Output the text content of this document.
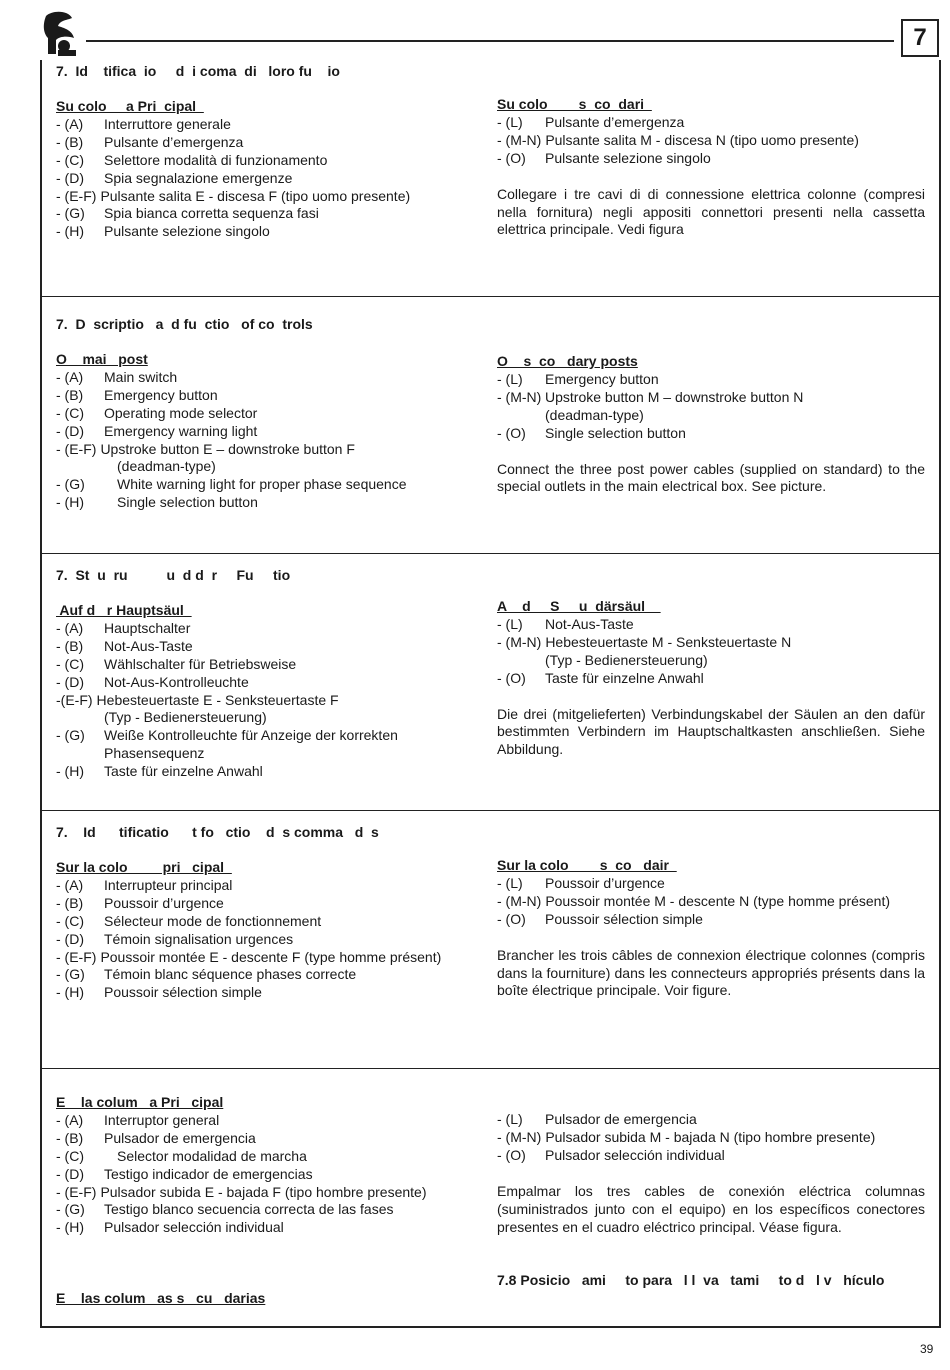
7
7.  Id    tifica  io     d  i coma  di   loro fu    io
Su colo     a Pri  cipal
- (A)	Interruttore generale
- (B)	Pulsante d’emergenza
- (C)	Selettore modalità di funzionamento
- (D)	Spia segnalazione emergenze
- (E-F) Pulsante salita E - discesa F (tipo uomo presente)
- (G)	Spia bianca corretta sequenza fasi
- (H)	Pulsante selezione singolo
Su colo        s  co  dari
- (L)	Pulsante d’emergenza
- (M-N) Pulsante salita M - discesa N (tipo uomo presente)
- (O)	Pulsante selezione singolo
Collegare i tre cavi di di connessione elettrica colonne (compresi nella fornitura) negli appositi connettori presenti nella cassetta elettrica principale. Vedi figura
7.  D  scriptio   a  d fu  ctio   of co  trols
O    mai   post
- (A)	Main switch
- (B)	Emergency button
- (C)	Operating mode selector
- (D)	Emergency warning light
- (E-F) Upstroke button E – downstroke button F
(deadman-type)
- (G)	White warning light for proper phase sequence
- (H)	Single selection button
O    s  co   dary posts
- (L)	Emergency button
- (M-N) Upstroke button M – downstroke button N
(deadman-type)
- (O)	Single selection button
Connect the three post power cables (supplied on standard) to the special outlets in the main electrical box. See picture.
7.  St  u  ru          u  d d  r     Fu     tio
Auf d   r Hauptsäul
- (A)	Hauptschalter
- (B)	Not-Aus-Taste
- (C)	Wählschalter für Betriebsweise
- (D)	Not-Aus-Kontrolleuchte
-(E-F) Hebesteuertaste E - Senksteuertaste F
(Typ - Bedienersteuerung)
- (G)	Weiße Kontrolleuchte für Anzeige der korrekten
Phasensequenz
- (H)	Taste für einzelne Anwahl
A    d     S     u  därsäul
- (L)	Not-Aus-Taste
- (M-N) Hebesteuertaste M - Senksteuertaste N
(Typ - Bedienersteuerung)
- (O)	Taste für einzelne Anwahl
Die drei (mitgelieferten) Verbindungskabel der Säulen an den dafür bestimmten Verbindern im Hauptschaltkasten anschließen. Siehe Abbildung.
7.    Id      tificatio      t fo   ctio    d  s comma   d  s
Sur la colo         pri   cipal
- (A)	Interrupteur principal
- (B)	Poussoir d’urgence
- (C)	Sélecteur mode de fonctionnement
- (D)	Témoin signalisation urgences
- (E-F) Poussoir montée E - descente F (type homme présent)
- (G)	Témoin blanc séquence phases correcte
- (H)	Poussoir sélection simple
Sur la colo        s  co   dair
- (L)	Poussoir d’urgence
- (M-N) Poussoir montée M - descente N (type homme présent)
- (O)	Poussoir sélection simple
Brancher les trois câbles de connexion électrique colonnes (compris dans la fourniture) dans les connecteurs appropriés présents dans la boîte électrique principale. Voir figure.
E    la colum   a Pri   cipal
- (A)	Interruptor general
- (B)	Pulsador de emergencia
- (C)	Selector modalidad de marcha
- (D)	Testigo indicador de emergencias
- (E-F) Pulsador subida E - bajada F (tipo hombre presente)
- (G)	Testigo blanco secuencia correcta de las fases
- (H)	Pulsador selección individual
E    las colum   as s   cu   darias
- (L)	Pulsador de emergencia
- (M-N) Pulsador subida M - bajada N (tipo hombre presente)
- (O)	Pulsador selección individual
Empalmar los tres cables de conexión eléctrica columnas (suministrados junto con el equipo) en los específicos conectores presentes en el cuadro eléctrico principal. Véase figura.
7.8 Posicio   ami     to para   l l  va   tami     to d   l v   hículo
39
